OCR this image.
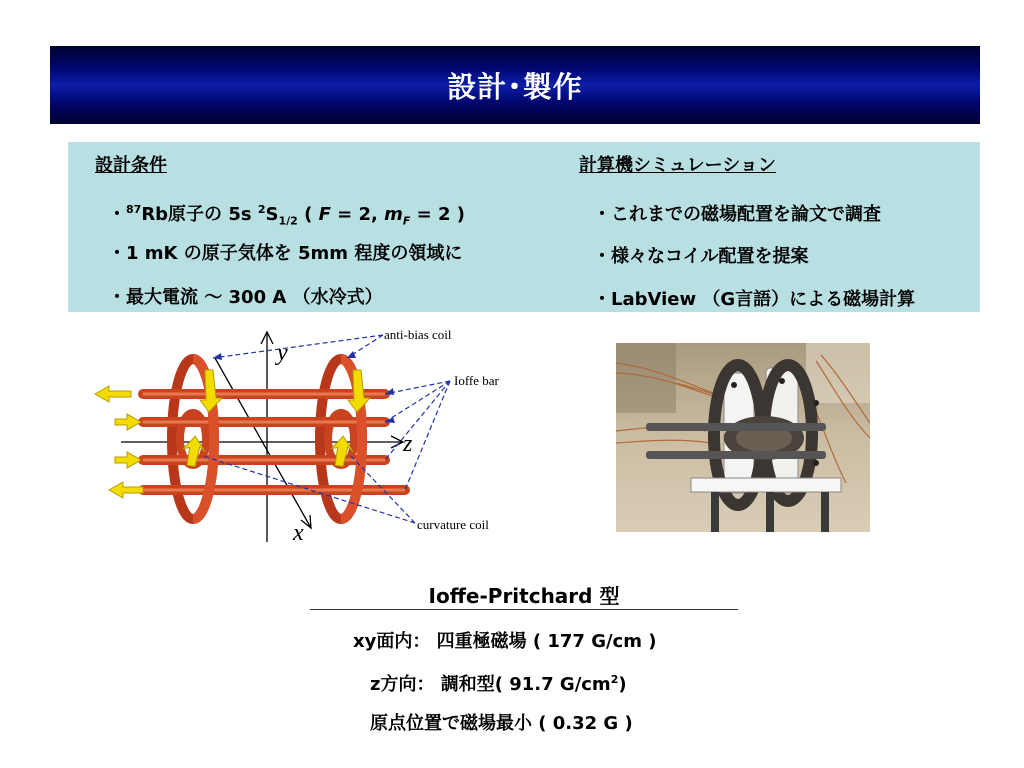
設計･製作
設計条件
・$^{87}$Rb原子の 5s $^2S_{1/2}$ ( F = 2, $m_F = 2$ )
・1 mK の原子気体を 5mm 程度の領域に
・最大電流 ～ 300 A （水冷式）
計算機シミュレーション
・これまでの磁場配置を論文で調査
・様々なコイル配置を提案
・LabView （G言語）による磁場計算
anti-bias coil
Ioffe bar
curvature coil
y
z
x
Ioffe-Pritchard 型
xy面内： 四重極磁場 ( 177 G/cm )
z方向： 調和型( 91.7 $G/cm^2$)
原点位置で磁場最小 ( 0.32 G )
